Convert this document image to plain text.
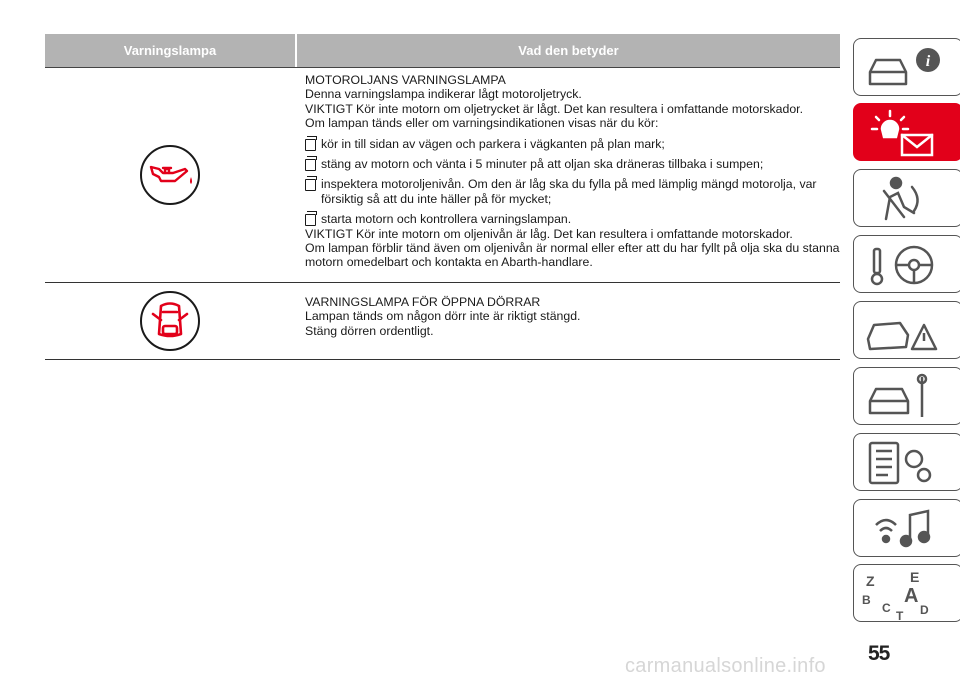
Varningslampa	Vad den betyder
MOTOROLJANS VARNINGSLAMPA
Denna varningslampa indikerar lågt motoroljetryck.
VIKTIGT Kör inte motorn om oljetrycket är lågt. Det kan resultera i omfattande motorskador.
Om lampan tänds eller om varningsindikationen visas när du kör:
kör in till sidan av vägen och parkera i vägkanten på plan mark;
stäng av motorn och vänta i 5 minuter på att oljan ska dräneras tillbaka i sumpen;
inspektera motoroljenivån. Om den är låg ska du fylla på med lämplig mängd motorolja, var försiktig så att du inte häller på för mycket;
starta motorn och kontrollera varningslampan.
VIKTIGT Kör inte motorn om oljenivån är låg. Det kan resultera i omfattande motorskador.
Om lampan förblir tänd även om oljenivån är normal eller efter att du har fyllt på olja ska du stanna motorn omedelbart och kontakta en Abarth-handlare.
VARNINGSLAMPA FÖR ÖPPNA DÖRRAR
Lampan tänds om någon dörr inte är riktigt stängd.
Stäng dörren ordentligt.
i
Z	E
B A
C D
T
55
carmanualsonline.info
